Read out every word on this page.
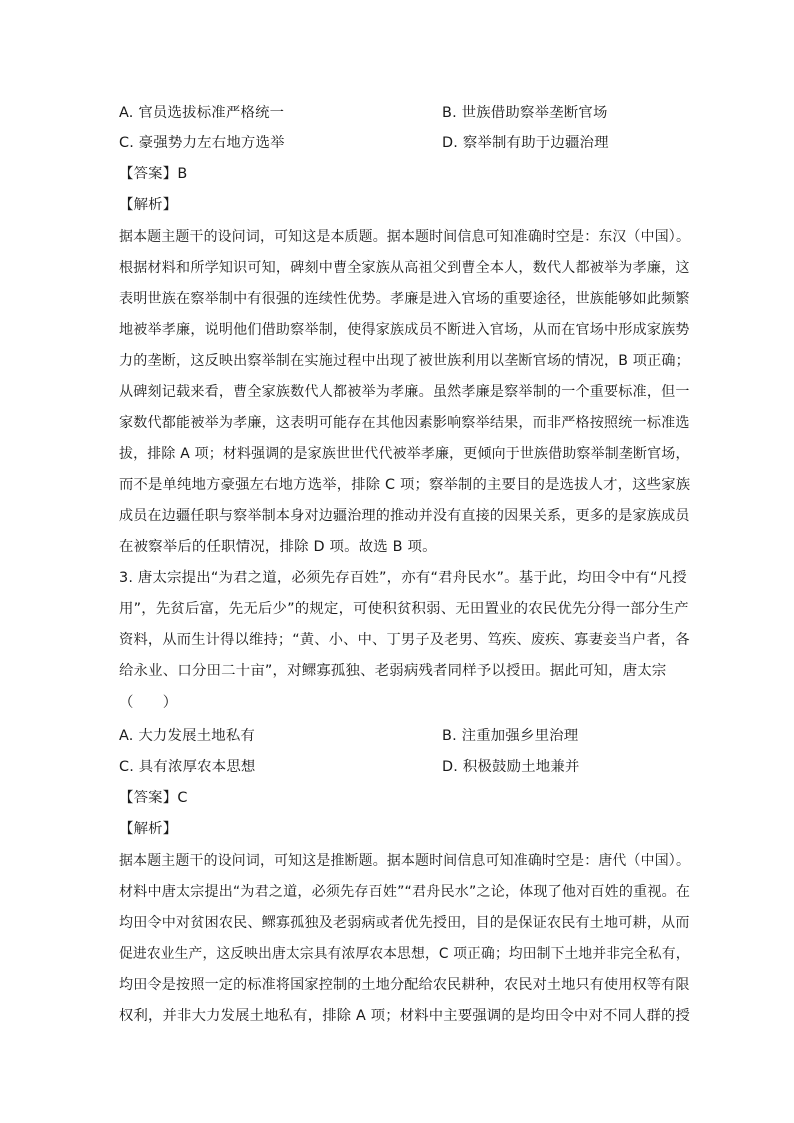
A. 官员选拔标准严格统一	B. 世族借助察举垄断官场
C. 豪强势力左右地方选举	D. 察举制有助于边疆治理
【答案】B
【解析】
据本题主题干的设问词，可知这是本质题。据本题时间信息可知准确时空是：东汉（中国）。
根据材料和所学知识可知，碑刻中曹全家族从高祖父到曹全本人，数代人都被举为孝廉，这
表明世族在察举制中有很强的连续性优势。孝廉是进入官场的重要途径，世族能够如此频繁
地被举孝廉，说明他们借助察举制，使得家族成员不断进入官场，从而在官场中形成家族势
力的垄断，这反映出察举制在实施过程中出现了被世族利用以垄断官场的情况，B 项正确；
从碑刻记载来看，曹全家族数代人都被举为孝廉。虽然孝廉是察举制的一个重要标准，但一
家数代都能被举为孝廉，这表明可能存在其他因素影响察举结果，而非严格按照统一标准选
拔，排除 A 项；材料强调的是家族世世代代被举孝廉，更倾向于世族借助察举制垄断官场，
而不是单纯地方豪强左右地方选举，排除 C 项；察举制的主要目的是选拔人才，这些家族
成员在边疆任职与察举制本身对边疆治理的推动并没有直接的因果关系，更多的是家族成员
在被察举后的任职情况，排除 D 项。故选 B 项。
3. 唐太宗提出“为君之道，必须先存百姓”，亦有“君舟民水”。基于此，均田令中有“凡授
用”，先贫后富，先无后少”的规定，可使积贫积弱、无田置业的农民优先分得一部分生产
资料，从而生计得以维持；“黄、小、中、丁男子及老男、笃疾、废疾、寡妻妾当户者，各
给永业、口分田二十亩”，对鳏寡孤独、老弱病残者同样予以授田。据此可知，唐太宗
（　　）
A. 大力发展土地私有	B. 注重加强乡里治理
C. 具有浓厚农本思想	D. 积极鼓励土地兼并
【答案】C
【解析】
据本题主题干的设问词，可知这是推断题。据本题时间信息可知准确时空是：唐代（中国）。
材料中唐太宗提出“为君之道，必须先存百姓”“君舟民水”之论，体现了他对百姓的重视。在
均田令中对贫困农民、鳏寡孤独及老弱病或者优先授田，目的是保证农民有土地可耕，从而
促进农业生产，这反映出唐太宗具有浓厚农本思想，C 项正确；均田制下土地并非完全私有，
均田令是按照一定的标准将国家控制的土地分配给农民耕种，农民对土地只有使用权等有限
权利，并非大力发展土地私有，排除 A 项；材料中主要强调的是均田令中对不同人群的授
